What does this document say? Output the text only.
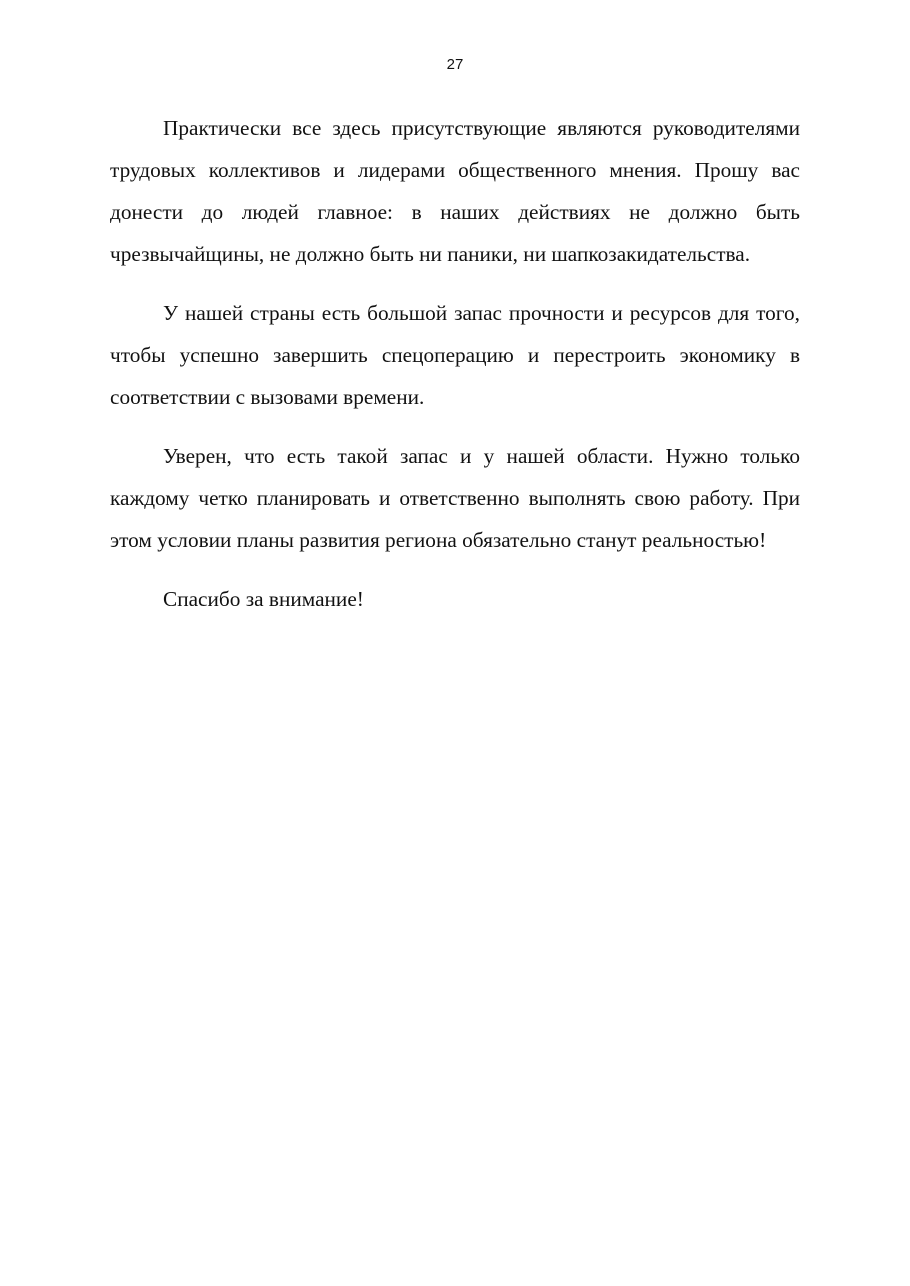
27

Практически все здесь присутствующие являются руководителями трудовых коллективов и лидерами общественного мнения. Прошу вас донести до людей главное: в наших действиях не должно быть чрезвычайщины, не должно быть ни паники, ни шапкозакидательства.

У нашей страны есть большой запас прочности и ресурсов для того, чтобы успешно завершить спецоперацию и перестроить экономику в соответствии с вызовами времени.

Уверен, что есть такой запас и у нашей области. Нужно только каждому четко планировать и ответственно выполнять свою работу. При этом условии планы развития региона обязательно станут реальностью!

Спасибо за внимание!
